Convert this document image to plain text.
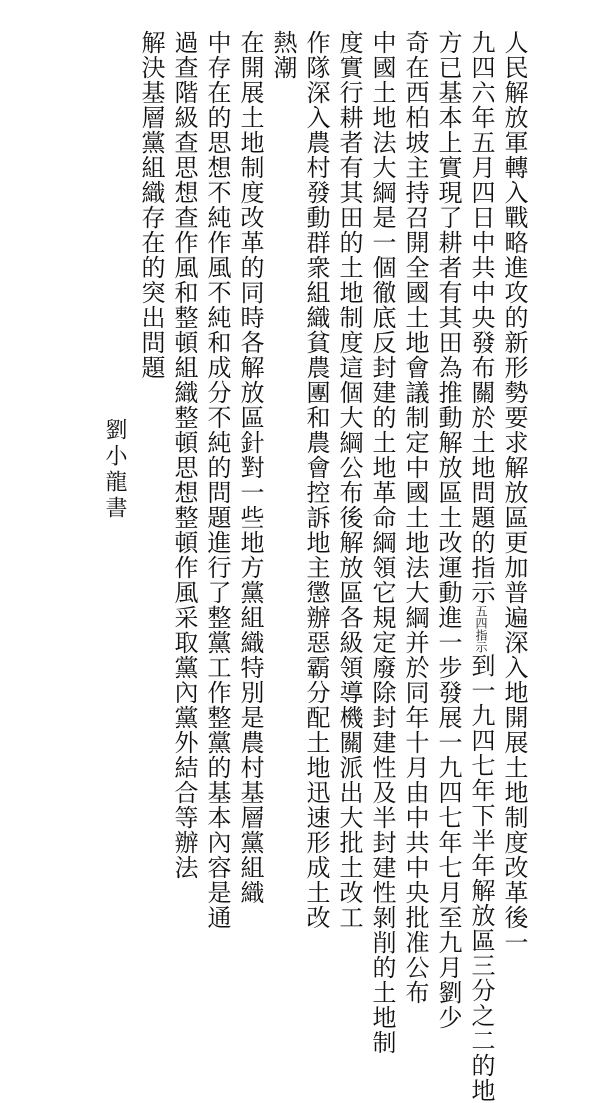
人民解放軍轉入戰略進攻的新形勢要求解放區更加普遍深入地開展土地制度改革後一
九四六年五月四日中共中央發布關於土地問題的指示五四指示到一九四七年下半年解放區三分之二的地
方已基本上實現了耕者有其田為推動解放區土改運動進一步發展一九四七年七月至九月劉少
奇在西柏坡主持召開全國土地會議制定中國土地法大綱并於同年十月由中共中央批准公布
中國土地法大綱是一個徹底反封建的土地革命綱領它規定廢除封建性及半封建性剝削的土地制
度實行耕者有其田的土地制度這個大綱公布後解放區各級領導機關派出大批土改工
作隊深入農村發動群衆組織貧農團和農會控訴地主懲辦惡霸分配土地迅速形成土改
熱潮
在開展土地制度改革的同時各解放區針對一些地方黨組織特別是農村基層黨組織
中存在的思想不純作風不純和成分不純的問題進行了整黨工作整黨的基本內容是通
過查階級查思想查作風和整頓組織整頓思想整頓作風采取黨內黨外結合等辦法
解決基層黨組織存在的突出問題
劉小龍書
